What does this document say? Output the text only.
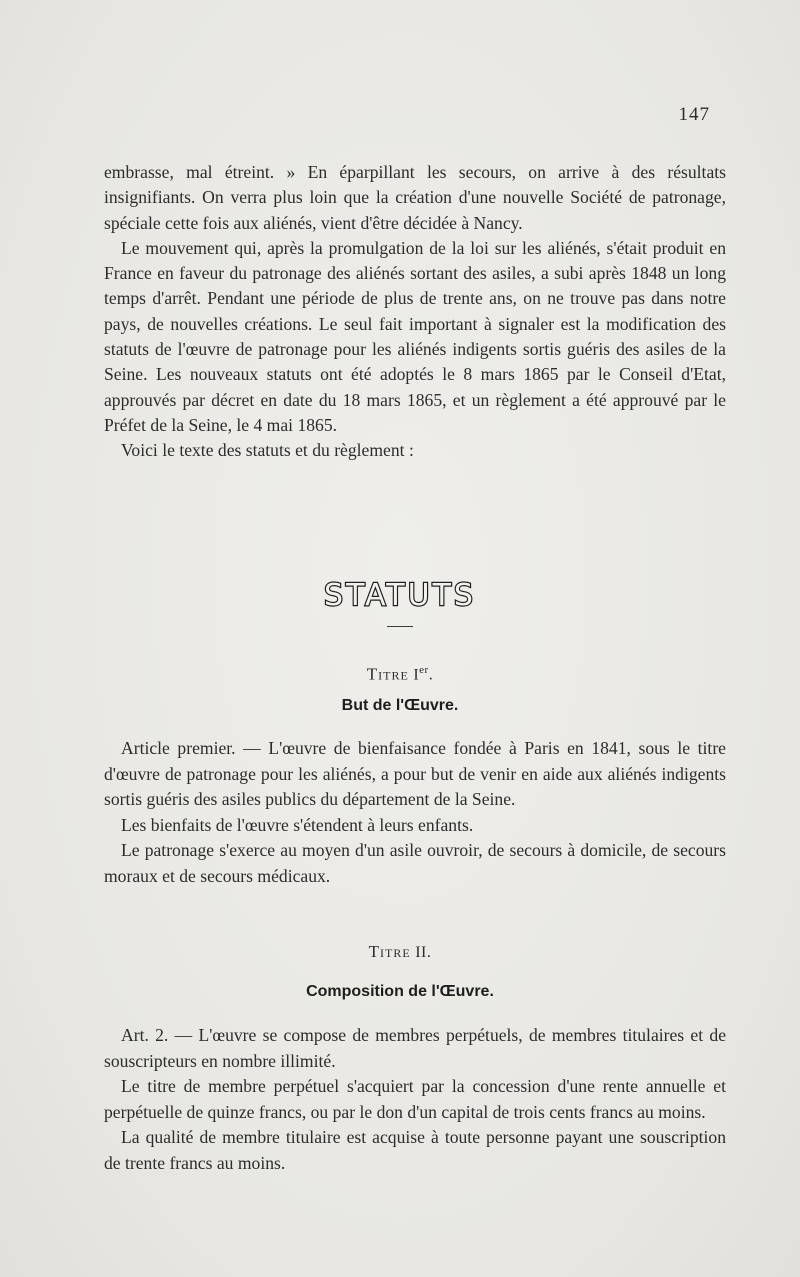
147

embrasse, mal étreint. » En éparpillant les secours, on arrive à des résultats insignifiants. On verra plus loin que la création d'une nouvelle Société de patronage, spéciale cette fois aux aliénés, vient d'être décidée à Nancy.

Le mouvement qui, après la promulgation de la loi sur les aliénés, s'était produit en France en faveur du patronage des aliénés sortant des asiles, a subi après 1848 un long temps d'arrêt. Pendant une période de plus de trente ans, on ne trouve pas dans notre pays, de nouvelles créations. Le seul fait important à signaler est la modification des statuts de l'œuvre de patronage pour les aliénés indigents sortis guéris des asiles de la Seine. Les nouveaux statuts ont été adoptés le 8 mars 1865 par le Conseil d'Etat, approuvés par décret en date du 18 mars 1865, et un règlement a été approuvé par le Préfet de la Seine, le 4 mai 1865.

Voici le texte des statuts et du règlement :

STATUTS
Titre Ier.
But de l'Œuvre.

Article premier. — L'œuvre de bienfaisance fondée à Paris en 1841, sous le titre d'œuvre de patronage pour les aliénés, a pour but de venir en aide aux aliénés indigents sortis guéris des asiles publics du département de la Seine.

Les bienfaits de l'œuvre s'étendent à leurs enfants.

Le patronage s'exerce au moyen d'un asile ouvroir, de secours à domicile, de secours moraux et de secours médicaux.

Titre II.
Composition de l'Œuvre.

Art. 2. — L'œuvre se compose de membres perpétuels, de membres titulaires et de souscripteurs en nombre illimité.

Le titre de membre perpétuel s'acquiert par la concession d'une rente annuelle et perpétuelle de quinze francs, ou par le don d'un capital de trois cents francs au moins.

La qualité de membre titulaire est acquise à toute personne payant une souscription de trente francs au moins.
